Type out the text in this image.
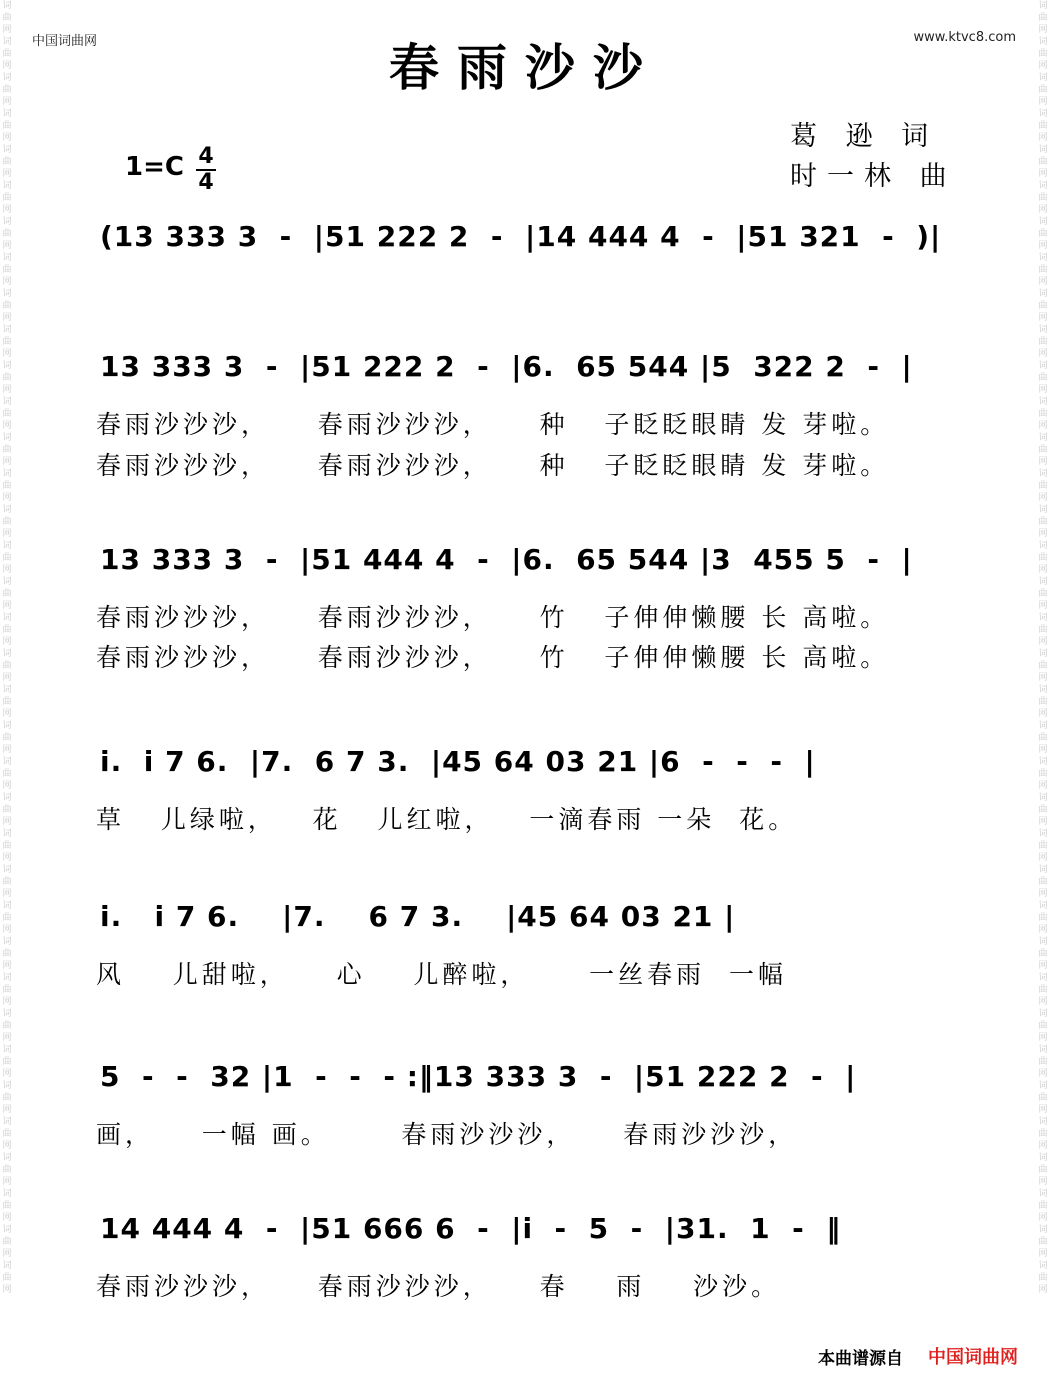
词曲网词曲网词曲网词曲网词曲网词曲网词曲网词曲网词曲网词曲网词曲网词曲网词曲网词曲网词曲网词曲网词曲网词曲网词曲网词曲网词曲网词曲网词曲网词曲网词曲网词曲网词曲网词曲网词曲网词曲网词曲网词曲网词曲网词曲网词曲网词曲网
词曲网词曲网词曲网词曲网词曲网词曲网词曲网词曲网词曲网词曲网词曲网词曲网词曲网词曲网词曲网词曲网词曲网词曲网词曲网词曲网词曲网词曲网词曲网词曲网词曲网词曲网词曲网词曲网词曲网词曲网词曲网词曲网词曲网词曲网词曲网词曲网
中国词曲网	www.ktvc8.com
春雨沙沙
葛 逊 词
时一林 曲
1=C 4
4
(13 333 3  -  |51 222 2  -  |14 444 4  -  |51 321  -  )|
13 333 3  -  |51 222 2  -  |6.  65 544 |5  322 2  -  |
春雨沙沙沙，    春雨沙沙沙，    种   子眨眨眼睛 发 芽啦。
春雨沙沙沙，    春雨沙沙沙，    种   子眨眨眼睛 发 芽啦。
13 333 3  -  |51 444 4  -  |6.  65 544 |3  455 5  -  |
春雨沙沙沙，    春雨沙沙沙，    竹   子伸伸懒腰 长 高啦。
春雨沙沙沙，    春雨沙沙沙，    竹   子伸伸懒腰 长 高啦。
i.  i 7 6.  |7.  6 7 3.  |45 64 03 21 |6  -  -  -  |
草   儿绿啦，   花   儿红啦，   一滴春雨 一朵  花。
i.   i 7 6.    |7.    6 7 3.    |45 64 03 21 |
风    儿甜啦，    心    儿醉啦，     一丝春雨  一幅
5  -  -  32 |1  -  -  - :‖13 333 3  -  |51 222 2  -  |
画，    一幅 画。      春雨沙沙沙，    春雨沙沙沙，
14 444 4  -  |51 666 6  -  |i  -  5  -  |31.  1  -  ‖
春雨沙沙沙，    春雨沙沙沙，    春    雨    沙沙。
本曲谱源自 中国词曲网
